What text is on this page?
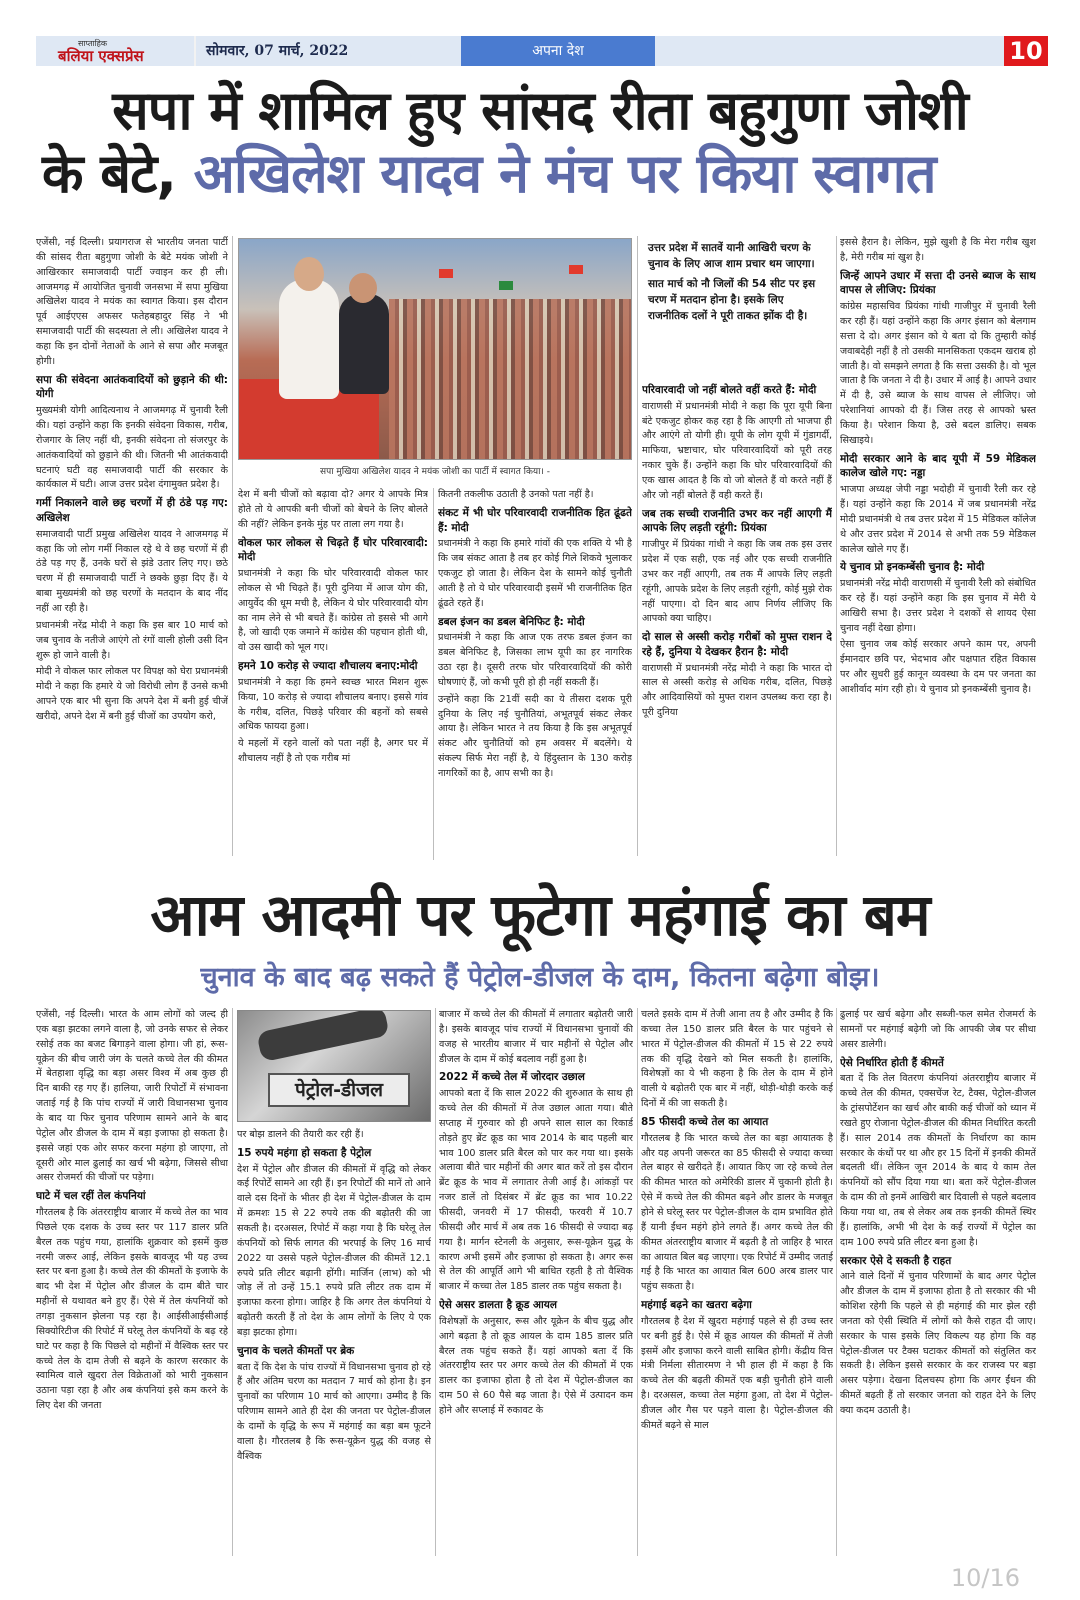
साप्ताहिक
बलिया एक्सप्रेस	सोमवार, 07 मार्च, 2022	अपना देश	10
सपा में शामिल हुए सांसद रीता बहुगुणा जोशी
के बेटे, अखिलेश यादव ने मंच पर किया स्वागत

एजेंसी, नई दिल्ली। प्रयागराज से भारतीय जनता पार्टी की सांसद रीता बहुगुणा जोशी के बेटे मयंक जोशी ने आखिरकार समाजवादी पार्टी ज्वाइन कर ही ली। आजमगढ़ में आयोजित चुनावी जनसभा में सपा मुखिया अखिलेश यादव ने मयंक का स्वागत किया। इस दौरान पूर्व आईएएस अफसर फतेहबहादुर सिंह ने भी समाजवादी पार्टी की सदस्यता ले ली। अखिलेश यादव ने कहा कि इन दोनों नेताओं के आने से सपा और मजबूत होगी।

सपा की संवेदना आतंकवादियों को छुड़ाने की थी: योगी

मुख्यमंत्री योगी आदित्यनाथ ने आजमगढ़ में चुनावी रैली की। यहां उन्होंने कहा कि इनकी संवेदना विकास, गरीब, रोजगार के लिए नहीं थी, इनकी संवेदना तो संजरपुर के आतंकवादियों को छुड़ाने की थी। जितनी भी आतंकवादी घटनाएं घटी वह समाजवादी पार्टी की सरकार के कार्यकाल में घटी। आज उत्तर प्रदेश दंगामुक्त प्रदेश है।

गर्मी निकालने वाले छह चरणों में ही ठंडे पड़ गए: अखिलेश

समाजवादी पार्टी प्रमुख अखिलेश यादव ने आजमगढ़ में कहा कि जो लोग गर्मी निकाल रहे थे वे छह चरणों में ही ठंडे पड़ गए हैं, उनके घरों से झंडे उतार लिए गए। छठे चरण में ही समाजवादी पार्टी ने छक्के छुड़ा दिए हैं। ये बाबा मुख्यमंत्री को छह चरणों के मतदान के बाद नींद नहीं आ रही है।

प्रधानमंत्री नरेंद्र मोदी ने कहा कि इस बार 10 मार्च को जब चुनाव के नतीजे आएंगे तो रंगों वाली होली उसी दिन शुरू हो जाने वाली है।

मोदी ने वोकल फार लोकल पर विपक्ष को घेरा प्रधानमंत्री मोदी ने कहा कि हमारे ये जो विरोधी लोग हैं उनसे कभी आपने एक बार भी सुना कि अपने देश में बनी हुई चीजें खरीदो, अपने देश में बनी हुई चीजों का उपयोग करो,

सपा मुखिया अखिलेश यादव ने मयंक जोशी का पार्टी में स्वागत किया। -

देश में बनी चीजों को बढ़ावा दो? अगर ये आपके मित्र होते तो ये आपकी बनी चीजों को बेचने के लिए बोलते की नहीं? लेकिन इनके मुंह पर ताला लग गया है।

वोकल फार लोकल से चिढ़ते हैं घोर परिवारवादी: मोदी

प्रधानमंत्री ने कहा कि घोर परिवारवादी वोकल फार लोकल से भी चिढ़ते हैं। पूरी दुनिया में आज योग की, आयुर्वेद की धूम मची है, लेकिन ये घोर परिवारवादी योग का नाम लेने से भी बचते हैं। कांग्रेस तो इससे भी आगे है, जो खादी एक जमाने में कांग्रेस की पहचान होती थी, वो उस खादी को भूल गए।

हमने 10 करोड़ से ज्यादा शौचालय बनाए:मोदी

प्रधानमंत्री ने कहा कि हमने स्वच्छ भारत मिशन शुरू किया, 10 करोड़ से ज्यादा शौचालय बनाए। इससे गांव के गरीब, दलित, पिछड़े परिवार की बहनों को सबसे अधिक फायदा हुआ।

ये महलों में रहने वालों को पता नहीं है, अगर घर में शौचालय नहीं है तो एक गरीब मां

कितनी तकलीफ उठाती है उनको पता नहीं है।

संकट में भी घोर परिवारवादी राजनीतिक हित ढूंढते हैं: मोदी

प्रधानमंत्री ने कहा कि हमारे गांवों की एक शक्ति ये भी है कि जब संकट आता है तब हर कोई गिले शिकवे भुलाकर एकजुट हो जाता है। लेकिन देश के सामने कोई चुनौती आती है तो ये घोर परिवारवादी इसमें भी राजनीतिक हित ढूंढते रहते हैं।

डबल इंजन का डबल बेनिफिट है: मोदी

प्रधानमंत्री ने कहा कि आज एक तरफ डबल इंजन का डबल बेनिफिट है, जिसका लाभ यूपी का हर नागरिक उठा रहा है। दूसरी तरफ घोर परिवारवादियों की कोरी घोषणाएं हैं, जो कभी पूरी हो ही नहीं सकती हैं।

उन्होंने कहा कि 21वीं सदी का ये तीसरा दशक पूरी दुनिया के लिए नई चुनौतियां, अभूतपूर्व संकट लेकर आया है। लेकिन भारत ने तय किया है कि इस अभूतपूर्व संकट और चुनौतियों को हम अवसर में बदलेंगे। ये संकल्प सिर्फ मेरा नहीं है, ये हिंदुस्तान के 130 करोड़ नागरिकों का है, आप सभी का है।

उत्तर प्रदेश में सातवें यानी आखिरी चरण के चुनाव के लिए आज शाम प्रचार थम जाएगा।

सात मार्च को नौ जिलों की 54 सीट पर इस चरण में मतदान होना है। इसके लिए राजनीतिक दलों ने पूरी ताकत झोंक दी है।

परिवारवादी जो नहीं बोलते वहीं करते हैं: मोदी

वाराणसी में प्रधानमंत्री मोदी ने कहा कि पूरा यूपी बिना बंटे एकजुट होकर कह रहा है कि आएगी तो भाजपा ही और आएंगे तो योगी ही। यूपी के लोग यूपी में गुंडागर्दी, माफिया, भ्रष्टाचार, घोर परिवारवादियों को पूरी तरह नकार चुके हैं। उन्होंने कहा कि घोर परिवारवादियों की एक खास आदत है कि वो जो बोलते हैं वो करते नहीं हैं और जो नहीं बोलते हैं वही करते हैं।

जब तक सच्ची राजनीति उभर कर नहीं आएगी मैं आपके लिए लड़ती रहूंगी: प्रियंका

गाजीपुर में प्रियंका गांधी ने कहा कि जब तक इस उत्तर प्रदेश में एक सही, एक नई और एक सच्ची राजनीति उभर कर नहीं आएगी, तब तक मैं आपके लिए लड़ती रहूंगी, आपके प्रदेश के लिए लड़ती रहूंगी, कोई मुझे रोक नहीं पाएगा। दो दिन बाद आप निर्णय लीजिए कि आपको क्या चाहिए।

दो साल से अस्सी करोड़ गरीबों को मुफ्त राशन दे रहे हैं, दुनिया ये देखकर हैरान है: मोदी

वाराणसी में प्रधानमंत्री नरेंद्र मोदी ने कहा कि भारत दो साल से अस्सी करोड़ से अधिक गरीब, दलित, पिछड़े और आदिवासियों को मुफ्त राशन उपलब्ध करा रहा है। पूरी दुनिया

इससे हैरान है। लेकिन, मुझे खुशी है कि मेरा गरीब खुश है, मेरी गरीब मां खुश है।

जिन्हें आपने उधार में सत्ता दी उनसे ब्याज के साथ वापस ले लीजिए: प्रियंका

कांग्रेस महासचिव प्रियंका गांधी गाजीपुर में चुनावी रैली कर रही हैं। यहां उन्होंने कहा कि अगर इंसान को बेलगाम सत्ता दे दो। अगर इंसान को ये बता दो कि तुम्हारी कोई जवाबदेही नहीं है तो उसकी मानसिकता एकदम खराब हो जाती है। वो समझने लगता है कि सत्ता उसकी है। वो भूल जाता है कि जनता ने दी है। उधार में आई है। आपने उधार में दी है, उसे ब्याज के साथ वापस ले लीजिए। जो परेशानियां आपको दी हैं। जिस तरह से आपको भ्रस्त किया है। परेशान किया है, उसे बदल डालिए। सबक सिखाइये।

मोदी सरकार आने के बाद यूपी में 59 मेडिकल कालेज खोले गए: नड्डा

भाजपा अध्यक्ष जेपी नड्डा भदोही में चुनावी रैली कर रहे हैं। यहां उन्होंने कहा कि 2014 में जब प्रधानमंत्री नरेंद्र मोदी प्रधानमंत्री थे तब उत्तर प्रदेश में 15 मेडिकल कॉलेज थे और उत्तर प्रदेश में 2014 से अभी तक 59 मेडिकल कालेज खोले गए हैं।

ये चुनाव प्रो इनकम्बेंसी चुनाव है: मोदी

प्रधानमंत्री नरेंद्र मोदी वाराणसी में चुनावी रैली को संबोधित कर रहे हैं। यहां उन्होंने कहा कि इस चुनाव में मेरी ये आखिरी सभा है। उत्तर प्रदेश ने दशकों से शायद ऐसा चुनाव नहीं देखा होगा।

ऐसा चुनाव जब कोई सरकार अपने काम पर, अपनी ईमानदार छवि पर, भेदभाव और पक्षपात रहित विकास पर और सुधरी हुई कानून व्यवस्था के दम पर जनता का आशीर्वाद मांग रही हो। ये चुनाव प्रो इनकम्बेंसी चुनाव है।

आम आदमी पर फूटेगा महंगाई का बम
चुनाव के बाद बढ़ सकते हैं पेट्रोल-डीजल के दाम, कितना बढ़ेगा बोझ।

एजेंसी, नई दिल्ली। भारत के आम लोगों को जल्द ही एक बड़ा झटका लगने वाला है, जो उनके सफर से लेकर रसोई तक का बजट बिगाड़ने वाला होगा। जी हां, रूस-यूक्रेन की बीच जारी जंग के चलते कच्चे तेल की कीमत में बेतहाशा वृद्धि का बड़ा असर विश्व में अब कुछ ही दिन बाकी रह गए हैं। हालिया, जारी रिपोर्टों में संभावना जताई गई है कि पांच राज्यों में जारी विधानसभा चुनाव के बाद या फिर चुनाव परिणाम सामने आने के बाद पेट्रोल और डीजल के दाम में बड़ा इजाफा हो सकता है। इससे जहां एक ओर सफर करना महंगा हो जाएगा, तो दूसरी ओर माल ढुलाई का खर्च भी बढ़ेगा, जिससे सीधा असर रोजमर्रा की चीजों पर पड़ेगा।

घाटे में चल रहीं तेल कंपनियां

गौरतलब है कि अंतरराष्ट्रीय बाजार में कच्चे तेल का भाव पिछले एक दशक के उच्च स्तर पर 117 डालर प्रति बैरल तक पहुंच गया, हालांकि शुक्रवार को इसमें कुछ नरमी जरूर आई, लेकिन इसके बावजूद भी यह उच्च स्तर पर बना हुआ है। कच्चे तेल की कीमतों के इजाफे के बाद भी देश में पेट्रोल और डीजल के दाम बीते चार महीनों से यथावत बने हुए हैं। ऐसे में तेल कंपनियों को तगड़ा नुकसान झेलना पड़ रहा है। आईसीआईसीआई सिक्योरिटीज की रिपोर्ट में घरेलू तेल कंपनियों के बढ़ रहे घाटे पर कहा है कि पिछले दो महीनों में वैश्विक स्तर पर कच्चे तेल के दाम तेजी से बढ़ने के कारण सरकार के स्वामित्व वाले खुदरा तेल विक्रेताओं को भारी नुकसान उठाना पड़ा रहा है और अब कंपनियां इसे कम करने के लिए देश की जनता

पेट्रोल-डीजल

पर बोझ डालने की तैयारी कर रही हैं।

15 रुपये महंगा हो सकता है पेट्रोल

देश में पेट्रोल और डीजल की कीमतों में वृद्धि को लेकर कई रिपोर्टें सामने आ रही हैं। इन रिपोर्टों की मानें तो आने वाले दस दिनों के भीतर ही देश में पेट्रोल-डीजल के दाम में क्रमशः 15 से 22 रुपये तक की बढ़ोतरी की जा सकती है। दरअसल, रिपोर्ट में कहा गया है कि घरेलू तेल कंपनियों को सिर्फ लागत की भरपाई के लिए 16 मार्च 2022 या उससे पहले पेट्रोल-डीजल की कीमतें 12.1 रुपये प्रति लीटर बढ़ानी होंगी। मार्जिन (लाभ) को भी जोड़ लें तो उन्हें 15.1 रुपये प्रति लीटर तक दाम में इजाफा करना होगा। जाहिर है कि अगर तेल कंपनियां ये बढ़ोतरी करती हैं तो देश के आम लोगों के लिए ये एक बड़ा झटका होगा।

चुनाव के चलते कीमतों पर ब्रेक

बता दें कि देश के पांच राज्यों में विधानसभा चुनाव हो रहे हैं और अंतिम चरण का मतदान 7 मार्च को होना है। इन चुनावों का परिणाम 10 मार्च को आएगा। उम्मीद है कि परिणाम सामने आते ही देश की जनता पर पेट्रोल-डीजल के दामों के वृद्धि के रूप में महंगाई का बड़ा बम फूटने वाला है। गौरतलब है कि रूस-यूक्रेन युद्ध की वजह से वैश्विक

बाजार में कच्चे तेल की कीमतों में लगातार बढ़ोतरी जारी है। इसके बावजूद पांच राज्यों में विधानसभा चुनावों की वजह से भारतीय बाजार में चार महीनों से पेट्रोल और डीजल के दाम में कोई बदलाव नहीं हुआ है।

2022 में कच्चे तेल में जोरदार उछाल

आपको बता दें कि साल 2022 की शुरुआत के साथ ही कच्चे तेल की कीमतों में तेज उछाल आता गया। बीते सप्ताह में गुरुवार को ही अपने साल साल का रिकार्ड तोड़ते हुए ब्रेंट क्रूड का भाव 2014 के बाद पहली बार भाव 100 डालर प्रति बैरल को पार कर गया था। इसके अलावा बीते चार महीनों की अगर बात करें तो इस दौरान ब्रेंट क्रूड के भाव में लगातार तेजी आई है। आंकड़ों पर नजर डालें तो दिसंबर में ब्रेंट क्रूड का भाव 10.22 फीसदी, जनवरी में 17 फीसदी, फरवरी में 10.7 फीसदी और मार्च में अब तक 16 फीसदी से ज्यादा बढ़ गया है। मार्गन स्टेनली के अनुसार, रूस-यूक्रेन युद्ध के कारण अभी इसमें और इजाफा हो सकता है। अगर रूस से तेल की आपूर्ति आगे भी बाधित रहती है तो वैश्विक बाजार में कच्चा तेल 185 डालर तक पहुंच सकता है।

ऐसे असर डालता है क्रूड आयल

विशेषज्ञों के अनुसार, रूस और यूक्रेन के बीच युद्ध और आगे बढ़ता है तो क्रूड आयल के दाम 185 डालर प्रति बैरल तक पहुंच सकते हैं। यहां आपको बता दें कि अंतरराष्ट्रीय स्तर पर अगर कच्चे तेल की कीमतों में एक डालर का इजाफा होता है तो देश में पेट्रोल-डीजल का दाम 50 से 60 पैसे बढ़ जाता है। ऐसे में उत्पादन कम होने और सप्लाई में रुकावट के

चलते इसके दाम में तेजी आना तय है और उम्मीद है कि कच्चा तेल 150 डालर प्रति बैरल के पार पहुंचने से भारत में पेट्रोल-डीजल की कीमतों में 15 से 22 रुपये तक की वृद्धि देखने को मिल सकती है। हालांकि, विशेषज्ञों का ये भी कहना है कि तेल के दाम में होने वाली ये बढ़ोतरी एक बार में नहीं, थोड़ी-थोड़ी करके कई दिनों में की जा सकती है।

85 फीसदी कच्चे तेल का आयात

गौरतलब है कि भारत कच्चे तेल का बड़ा आयातक है और यह अपनी जरूरत का 85 फीसदी से ज्यादा कच्चा तेल बाहर से खरीदते हैं। आयात किए जा रहे कच्चे तेल की कीमत भारत को अमेरिकी डालर में चुकानी होती है। ऐसे में कच्चे तेल की कीमत बढ़ने और डालर के मजबूत होने से घरेलू स्तर पर पेट्रोल-डीजल के दाम प्रभावित होते हैं यानी ईंधन महंगे होने लगते हैं। अगर कच्चे तेल की कीमत अंतरराष्ट्रीय बाजार में बढ़ती है तो जाहिर है भारत का आयात बिल बढ़ जाएगा। एक रिपोर्ट में उम्मीद जताई गई है कि भारत का आयात बिल 600 अरब डालर पार पहुंच सकता है।

महंगाई बढ़ने का खतरा बढ़ेगा

गौरतलब है देश में खुदरा महंगाई पहले से ही उच्च स्तर पर बनी हुई है। ऐसे में क्रूड आयल की कीमतों में तेजी इसमें और इजाफा करने वाली साबित होगी। केंद्रीय वित्त मंत्री निर्मला सीतारमण ने भी हाल ही में कहा है कि कच्चे तेल की बढ़ती कीमतें एक बड़ी चुनौती होने वाली है। दरअसल, कच्चा तेल महंगा हुआ, तो देश में पेट्रोल-डीजल और गैस पर पड़ने वाला है। पेट्रोल-डीजल की कीमतें बढ़ने से माल

ढुलाई पर खर्च बढ़ेगा और सब्जी-फल समेत रोजमर्रा के सामनों पर महंगाई बढ़ेगी जो कि आपकी जेब पर सीधा असर डालेगी।

ऐसे निर्धारित होती हैं कीमतें

बता दें कि तेल वितरण कंपनियां अंतरराष्ट्रीय बाजार में कच्चे तेल की कीमत, एक्सचेंज रेट, टैक्स, पेट्रोल-डीजल के ट्रांसपोर्टेशन का खर्च और बाकी कई चीजों को ध्यान में रखते हुए रोजाना पेट्रोल-डीजल की कीमत निर्धारित करती हैं। साल 2014 तक कीमतों के निर्धारण का काम सरकार के कंधों पर था और हर 15 दिनों में इनकी कीमतें बदलती थीं। लेकिन जून 2014 के बाद ये काम तेल कंपनियों को सौंप दिया गया था। बता करें पेट्रोल-डीजल के दाम की तो इनमें आखिरी बार दिवाली से पहले बदलाव किया गया था, तब से लेकर अब तक इनकी कीमतें स्थिर हैं। हालांकि, अभी भी देश के कई राज्यों में पेट्रोल का दाम 100 रुपये प्रति लीटर बना हुआ है।

सरकार ऐसे दे सकती है राहत

आने वाले दिनों में चुनाव परिणामों के बाद अगर पेट्रोल और डीजल के दाम में इजाफा होता है तो सरकार की भी कोशिश रहेगी कि पहले से ही महंगाई की मार झेल रही जनता को ऐसी स्थिति में लोगों को कैसे राहत दी जाए। सरकार के पास इसके लिए विकल्प यह होगा कि वह पेट्रोल-डीजल पर टैक्स घटाकर कीमतों को संतुलित कर सकती है। लेकिन इससे सरकार के कर राजस्व पर बड़ा असर पड़ेगा। देखना दिलचस्प होगा कि अगर ईंधन की कीमतें बढ़ती हैं तो सरकार जनता को राहत देने के लिए क्या कदम उठाती है।

10/16
